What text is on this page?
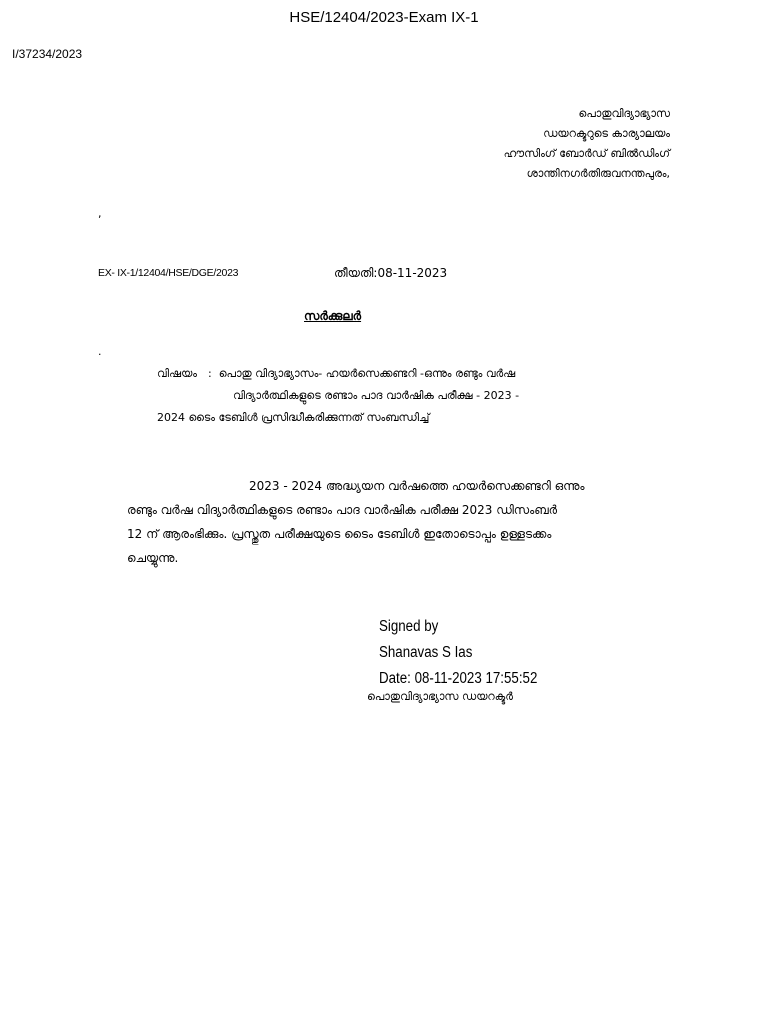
HSE/12404/2023-Exam IX-1
I/37234/2023
പൊതുവിദ്യാഭ്യാസ
ഡയറക്ടറുടെ കാര്യാലയം
ഹൗസിംഗ് ബോർഡ് ബിൽഡിംഗ്
ശാന്തിനഗർതിരുവനന്തപുരം,
,
EX- IX-1/12404/HSE/DGE/2023	തീയതി:08-11-2023
സർക്കുലർ
.
വിഷയം : പൊതു വിദ്യാഭ്യാസം- ഹയർസെക്കണ്ടറി -ഒന്നും രണ്ടും വർഷ
വിദ്യാർത്ഥികളുടെ രണ്ടാം പാദ വാർഷിക പരീക്ഷ - 2023 -
2024 ടൈം ടേബിൾ പ്രസിദ്ധീകരിക്കുന്നത് സംബന്ധിച്ച്
2023 - 2024 അദ്ധ്യയന വർഷത്തെ ഹയർസെക്കണ്ടറി ഒന്നും
രണ്ടും വർഷ വിദ്യാർത്ഥികളുടെ രണ്ടാം പാദ വാർഷിക പരീക്ഷ 2023 ഡിസംബർ
12 ന് ആരംഭിക്കും. പ്രസ്തുത പരീക്ഷയുടെ ടൈം ടേബിൾ ഇതോടൊപ്പം ഉള്ളടക്കം
ചെയ്യുന്നു.
Signed by
Shanavas S Ias
Date: 08-11-2023 17:55:52
പൊതുവിദ്യാഭ്യാസ ഡയറക്ടർ
